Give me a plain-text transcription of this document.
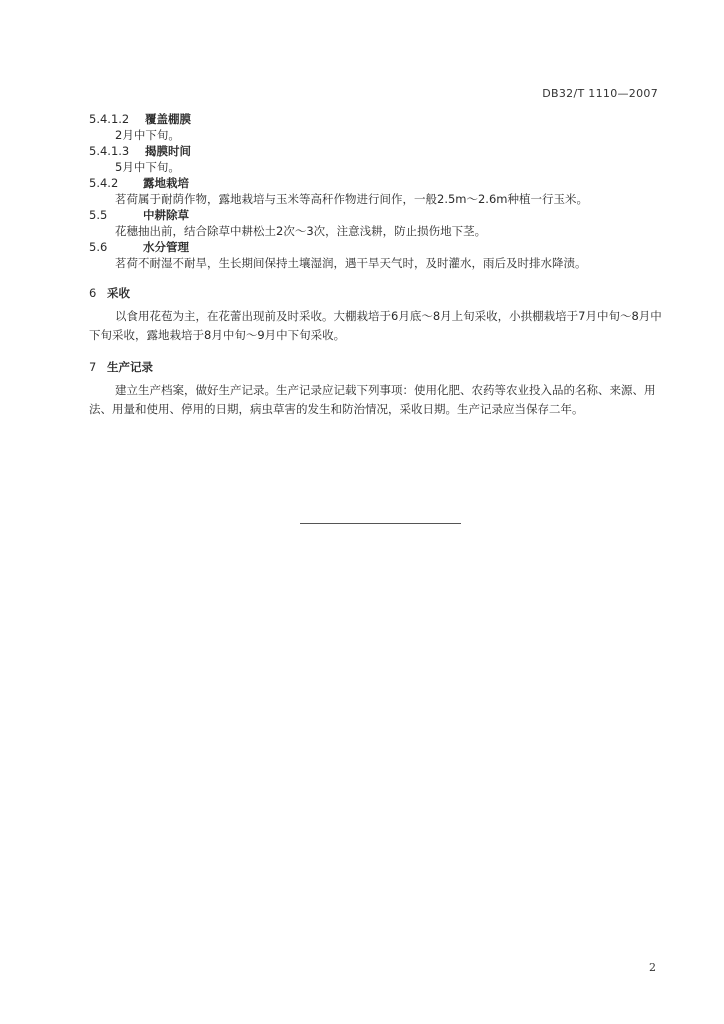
DB32/T 1110—2007
5.4.1.2 覆盖棚膜
2月中下旬。
5.4.1.3 揭膜时间
5月中下旬。
5.4.2 露地栽培
茗荷属于耐荫作物，露地栽培与玉米等高秆作物进行间作，一般2.5m～2.6m种植一行玉米。
5.5	中耕除草
花穗抽出前，结合除草中耕松土2次～3次，注意浅耕，防止损伤地下茎。
5.6	水分管理
茗荷不耐湿不耐旱，生长期间保持土壤湿润，遇干旱天气时，及时灌水，雨后及时排水降渍。
6 采收

以食用花苞为主，在花蕾出现前及时采收。大棚栽培于6月底～8月上旬采收，小拱棚栽培于7月中旬～8月中下旬采收，露地栽培于8月中旬～9月中下旬采收。

7 生产记录

建立生产档案，做好生产记录。生产记录应记载下列事项：使用化肥、农药等农业投入品的名称、来源、用法、用量和使用、停用的日期，病虫草害的发生和防治情况，采收日期。生产记录应当保存二年。

2
